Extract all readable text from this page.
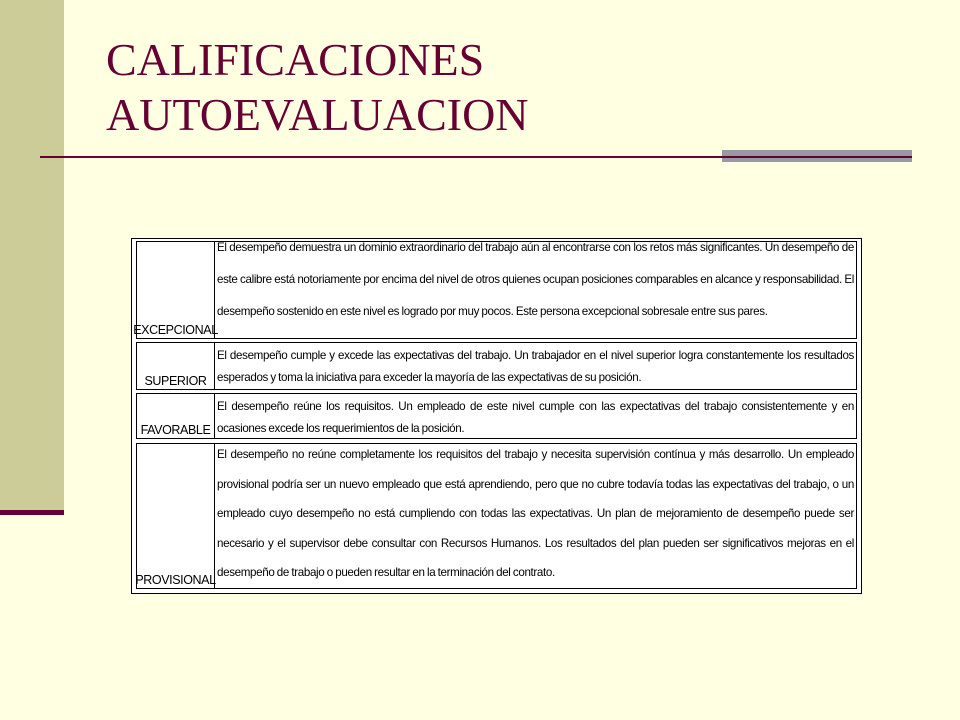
CALIFICACIONES
AUTOEVALUACION
EXCEPCIONAL
El desempeño demuestra un dominio extraordinario del trabajo aún al encontrarse con los retos más significantes. Un desempeño de este calibre está notoriamente por encima del nivel de otros quienes ocupan posiciones comparables en alcance y responsabilidad. El desempeño sostenido en este nivel es logrado por muy pocos. Este persona excepcional sobresale entre sus pares.
SUPERIOR
El desempeño cumple y excede las expectativas del trabajo. Un trabajador en el nivel superior logra constantemente los resultados esperados y toma la iniciativa para exceder la mayoría de las expectativas de su posición.
FAVORABLE
El desempeño reúne los requisitos. Un empleado de este nivel cumple con las expectativas del trabajo consistentemente y en ocasiones excede los requerimientos de la posición.
PROVISIONAL
El desempeño no reúne completamente los requisitos del trabajo y necesita supervisión contínua y más desarrollo. Un empleado provisional podría ser un nuevo empleado que está aprendiendo, pero que no cubre todavía todas las expectativas del trabajo, o un empleado cuyo desempeño no está cumpliendo con todas las expectativas. Un plan de mejoramiento de desempeño puede ser necesario y el supervisor debe consultar con Recursos Humanos. Los resultados del plan pueden ser significativos mejoras en el desempeño de trabajo o pueden resultar en la terminación del contrato.
